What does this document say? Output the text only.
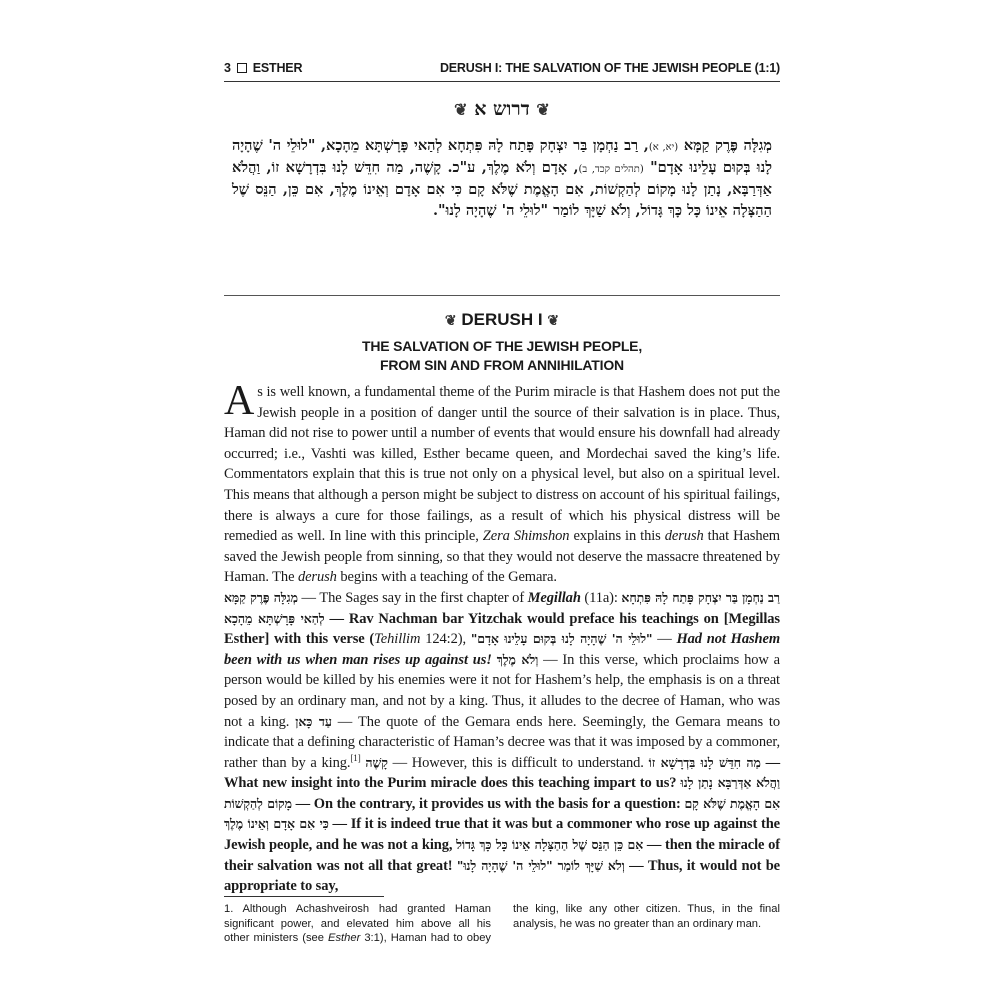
3 ESTHER	DERUSH I: THE SALVATION OF THE JEWISH PEOPLE (1:1)
❦ דרוש א ❦
מְגִלָּה פֶּרֶק קַמָּא (יא, א), רַב נַחְמָן בַּר יִצְחָק פָּתַח לָהּ פִּתְחָא לְהַאי פָּרָשְׁתָּא מֵהָכָא, "לוּלֵי ה' שֶׁהָיָה לָנוּ בְּקוּם עָלֵינוּ אָדָם" (תהלים קכד, ב), אָדָם וְלֹא מֶלֶךְ, ע"כ. קָשֶׁה, מַה חִדֵּשׁ לָנוּ בִּדְרָשָׁא זוֹ, וַהֲלֹא אַדְּרַבָּא, נָתַן לָנוּ מָקוֹם לְהַקְשׁוֹת, אִם הָאֱמֶת שֶׁלֹּא קָם כִּי אִם אָדָם וְאֵינוֹ מֶלֶךְ, אִם כֵּן, הַנֵּס שֶׁל הַהַצָּלָה אֵינוֹ כָּל כָּךְ גָּדוֹל, וְלֹא שַׁיָּךְ לוֹמַר "לוּלֵי ה' שֶׁהָיָה לָנוּ".
❦ DERUSH I ❦
THE SALVATION OF THE JEWISH PEOPLE,
FROM SIN AND FROM ANNIHILATION

As is well known, a fundamental theme of the Purim miracle is that Hashem does not put the Jewish people in a position of danger until the source of their salvation is in place. Thus, Haman did not rise to power until a number of events that would ensure his downfall had already occurred; i.e., Vashti was killed, Esther became queen, and Mordechai saved the king’s life. Commentators explain that this is true not only on a physical level, but also on a spiritual level. This means that although a person might be subject to distress on account of his spiritual failings, there is always a cure for those failings, as a result of which his physical distress will be remedied as well. In line with this principle, Zera Shimshon explains in this derush that Hashem saved the Jewish people from sinning, so that they would not deserve the massacre threatened by Haman. The derush begins with a teaching of the Gemara.

מְגִלָּה פֶּרֶק קַמָּא — The Sages say in the first chapter of Megillah (11a): רַב נַחְמָן בַּר יִצְחָק פָּתַח לָהּ פִּתְחָא לְהַאי פָּרָשְׁתָּא מֵהָכָא — Rav Nachman bar Yitzchak would preface his teachings on [Megillas Esther] with this verse (Tehillim 124:2), "לוּלֵי ה' שֶׁהָיָה לָנוּ בְּקוּם עָלֵינוּ אָדָם" — Had not Hashem been with us when man rises up against us! וְלֹא מֶלֶךְ — In this verse, which proclaims how a person would be killed by his enemies were it not for Hashem’s help, the emphasis is on a threat posed by an ordinary man, and not by a king. Thus, it alludes to the decree of Haman, who was not a king. עַד כָּאן — The quote of the Gemara ends here. Seemingly, the Gemara means to indicate that a defining characteristic of Haman’s decree was that it was imposed by a commoner, rather than by a king.[1] קָשֶׁה — However, this is difficult to understand. מַה חִדֵּשׁ לָנוּ בִּדְרָשָׁא זוֹ — What new insight into the Purim miracle does this teaching impart to us? וַהֲלֹא אַדְּרַבָּא נָתַן לָנוּ מָקוֹם לְהַקְשׁוֹת — On the contrary, it provides us with the basis for a question: אִם הָאֱמֶת שֶׁלֹּא קָם כִּי אִם אָדָם וְאֵינוֹ מֶלֶךְ — If it is indeed true that it was but a commoner who rose up against the Jewish people, and he was not a king, אִם כֵּן הַנֵּס שֶׁל הַהַצָּלָה אֵינוֹ כָּל כָּךְ גָּדוֹל — then the miracle of their salvation was not all that great! וְלֹא שַׁיָּךְ לוֹמַר "לוּלֵי ה' שֶׁהָיָה לָנוּ" — Thus, it would not be appropriate to say,

1. Although Achashveirosh had granted Haman significant power, and elevated him above all his other ministers (see Esther 3:1), Haman had to obey the king, like any other citizen. Thus, in the final analysis, he was no greater than an ordinary man.
